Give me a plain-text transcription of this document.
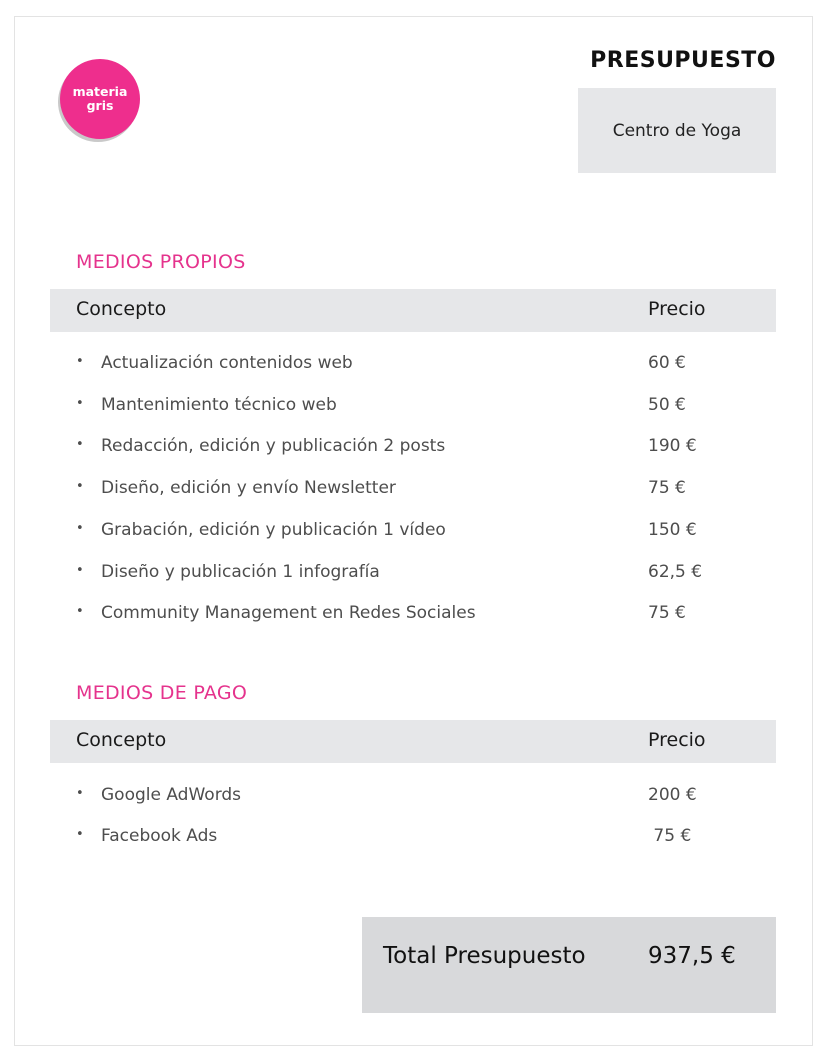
materia
gris
PRESUPUESTO
Centro de Yoga
MEDIOS PROPIOS
Concepto	Precio
• Actualización contenidos web	60 €
• Mantenimiento técnico web	50 €
• Redacción, edición y publicación 2 posts	190 €
• Diseño, edición y envío Newsletter	75 €
• Grabación, edición y publicación 1 vídeo	150 €
• Diseño y publicación 1 infografía	62,5 €
• Community Management en Redes Sociales	75 €
MEDIOS DE PAGO
Concepto	Precio
• Google AdWords	200 €
• Facebook Ads	75 €
Total Presupuesto	937,5 €
